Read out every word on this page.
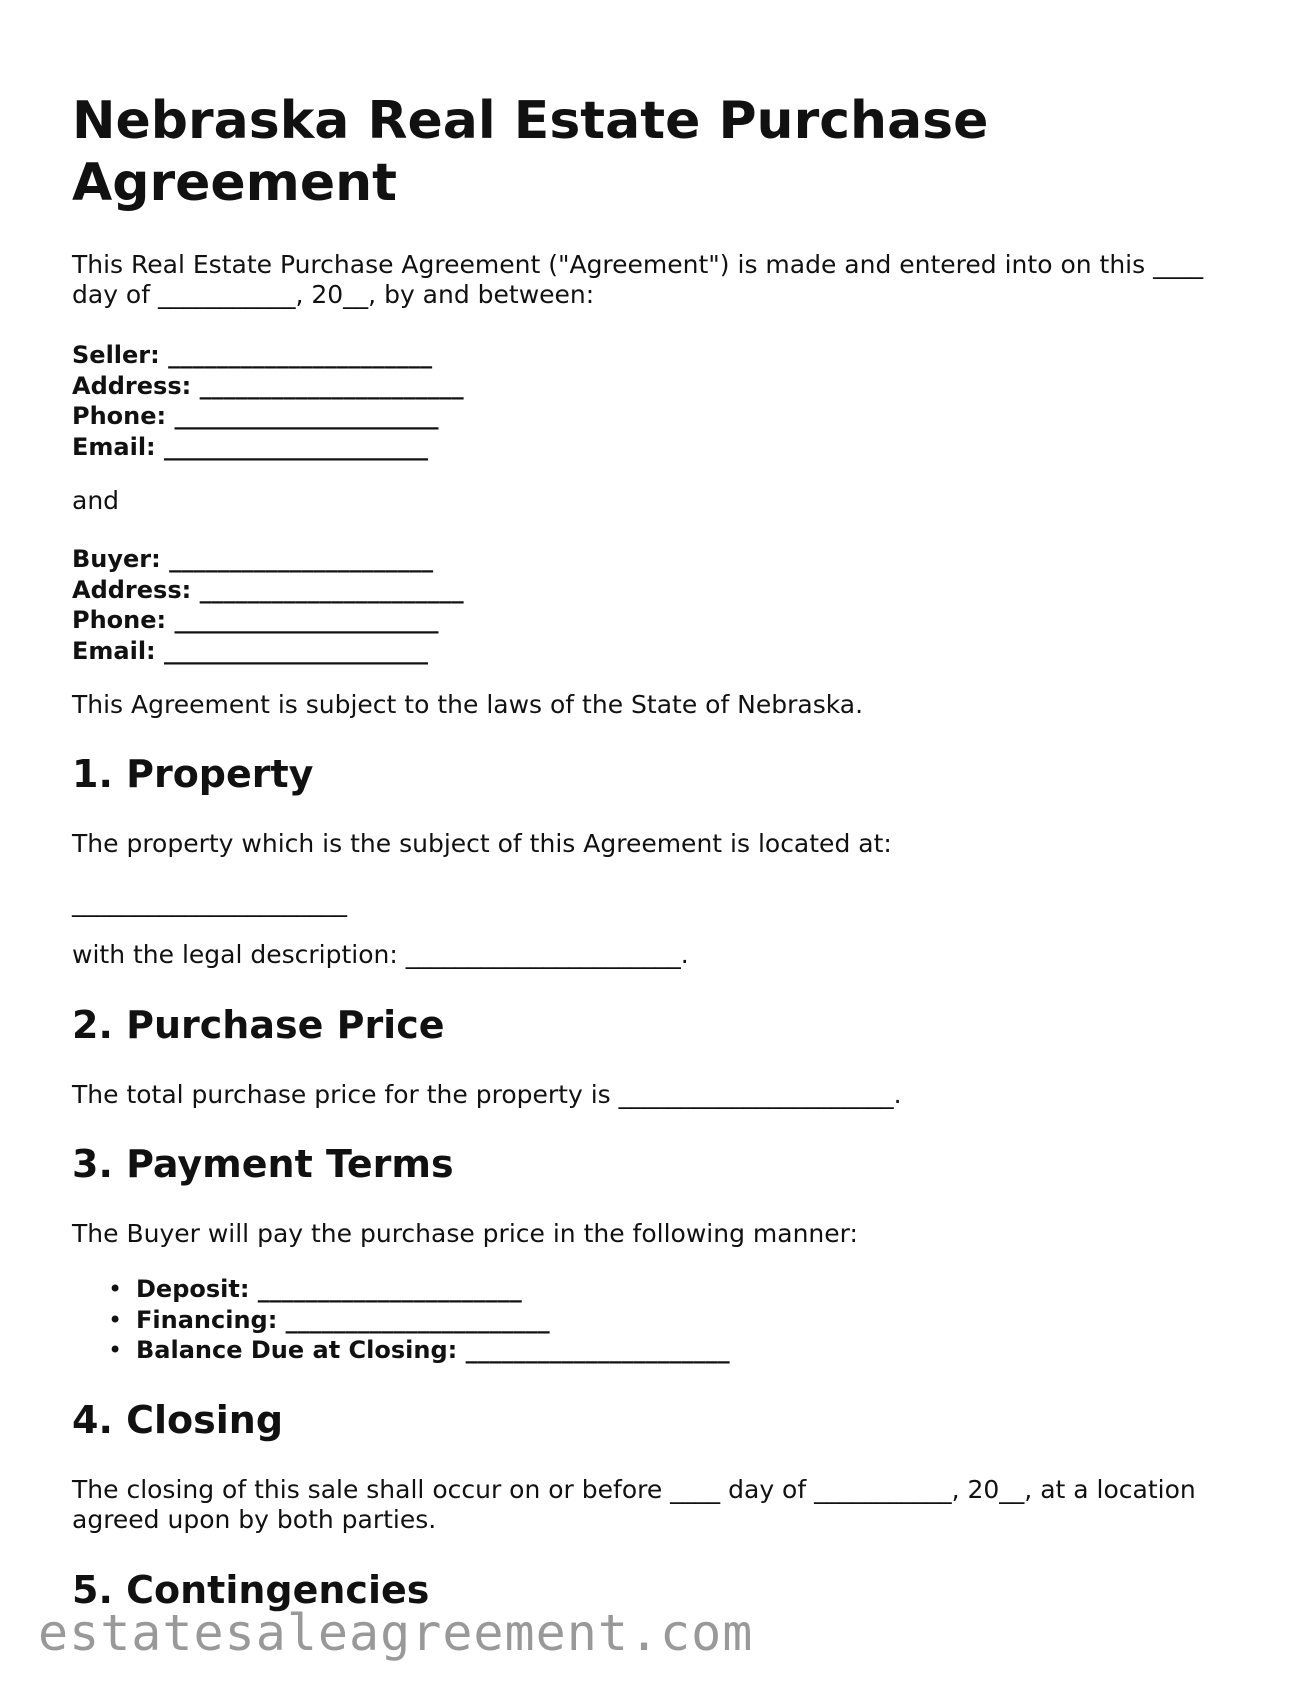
Nebraska Real Estate Purchase Agreement

This Real Estate Purchase Agreement ("Agreement") is made and entered into on this ____ day of ___________, 20__, by and between:

Seller: ______________________
Address: ______________________
Phone: ______________________
Email: ______________________

and

Buyer: ______________________
Address: ______________________
Phone: ______________________
Email: ______________________

This Agreement is subject to the laws of the State of Nebraska.

1. Property

The property which is the subject of this Agreement is located at:

______________________

with the legal description: ______________________.

2. Purchase Price

The total purchase price for the property is ______________________.

3. Payment Terms

The Buyer will pay the purchase price in the following manner:

• Deposit: ______________________
• Financing: ______________________
• Balance Due at Closing: ______________________
4. Closing

The closing of this sale shall occur on or before ____ day of ___________, 20__, at a location agreed upon by both parties.

5. Contingencies
estatesaleagreement.com
